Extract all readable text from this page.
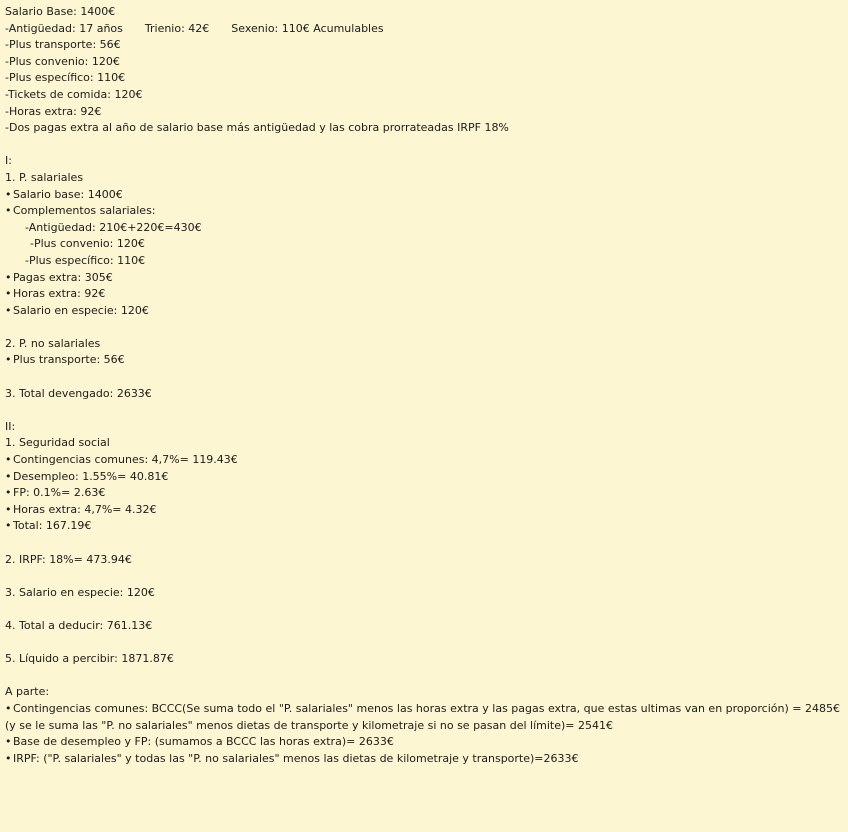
Salario Base: 1400€
-Antigüedad: 17 años Trienio: 42€ Sexenio: 110€ Acumulables
-Plus transporte: 56€
-Plus convenio: 120€
-Plus específico: 110€
-Tickets de comida: 120€
-Horas extra: 92€
-Dos pagas extra al año de salario base más antigüedad y las cobra prorrateadas IRPF 18%
I:
1. P. salariales
• Salario base: 1400€
• Complementos salariales:
-Antigüedad: 210€+220€=430€
-Plus convenio: 120€
-Plus específico: 110€
• Pagas extra: 305€
• Horas extra: 92€
• Salario en especie: 120€
2. P. no salariales
• Plus transporte: 56€
3. Total devengado: 2633€
II:
1. Seguridad social
• Contingencias comunes: 4,7%= 119.43€
• Desempleo: 1.55%= 40.81€
• FP: 0.1%= 2.63€
• Horas extra: 4,7%= 4.32€
• Total: 167.19€
2. IRPF: 18%= 473.94€
3. Salario en especie: 120€
4. Total a deducir: 761.13€
5. Líquido a percibir: 1871.87€
A parte:
• Contingencias comunes: BCCC(Se suma todo el "P. salariales" menos las horas extra y las pagas extra, que estas ultimas van en proporción) = 2485€ (y se le suma las "P. no salariales" menos dietas de transporte y kilometraje si no se pasan del límite)= 2541€
• Base de desempleo y FP: (sumamos a BCCC las horas extra)= 2633€
• IRPF: ("P. salariales" y todas las "P. no salariales" menos las dietas de kilometraje y transporte)=2633€
